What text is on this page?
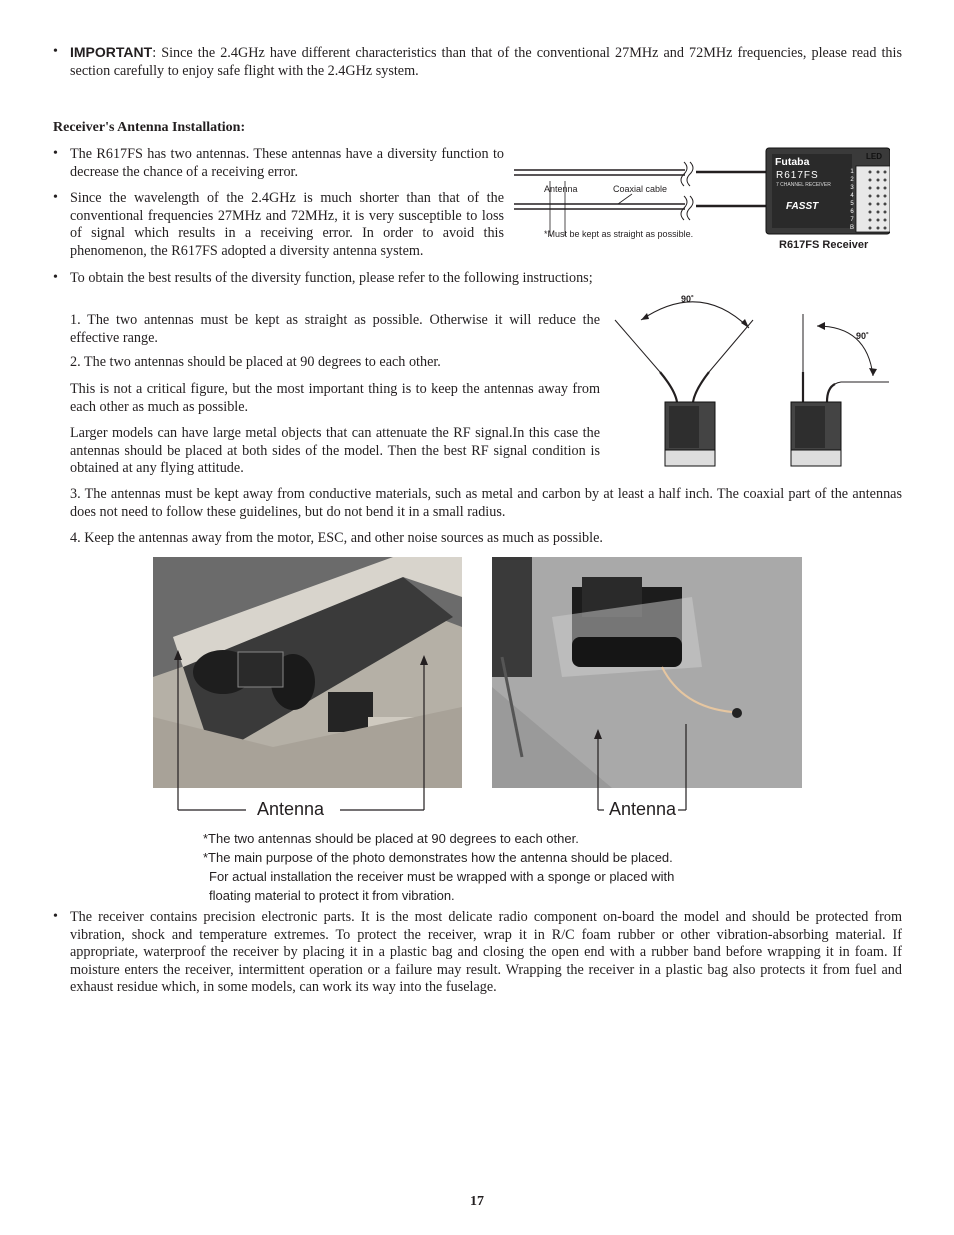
• IMPORTANT: Since the 2.4GHz have different characteristics than that of the conventional 27MHz and 72MHz frequencies, please read this section carefully to enjoy safe flight with the 2.4GHz system.
Receiver's Antenna Installation:
• The R617FS has two antennas. These antennas have a diversity function to decrease the chance of a receiving error.
• Since the wavelength of the 2.4GHz is much shorter than that of the conventional frequencies 27MHz and 72MHz, it is very susceptible to loss of signal which results in a receiving error. In order to avoid this phenomenon, the R617FS adopted a diversity antenna system.
Antenna	Coaxial cable
*Must be kept as straight as possible.
Futaba
R617FS
7 CHANNEL RECEIVER
FASST
LED
1
2
3
4
5
6
7
B
R617FS Receiver
• To obtain the best results of the diversity function, please refer to the following instructions;
1. The two antennas must be kept as straight as possible. Otherwise it will reduce the effective range.
2. The two antennas should be placed at 90 degrees to each other.
This is not a critical figure, but the most important thing is to keep the antennas away from each other as much as possible.
Larger models can have large metal objects that can attenuate the RF signal.In this case the antennas should be placed at both sides of the model. Then the best RF signal condition is obtained at any flying attitude.
90˚
90˚
3. The antennas must be kept away from conductive materials, such as metal and carbon by at least a half inch. The coaxial part of the antennas does not need to follow these guidelines, but do not bend it in a small radius.
4. Keep the antennas away from the motor, ESC, and other noise sources as much as possible.
Antenna	Antenna
*The two antennas should be placed at 90 degrees to each other.
*The main purpose of the photo demonstrates how the antenna should be placed.
For actual installation the receiver must be wrapped with a sponge or placed with
floating material to protect it from vibration.
• The receiver contains precision electronic parts. It is the most delicate radio component on-board the model and should be protected from vibration, shock and temperature extremes. To protect the receiver, wrap it in R/C foam rubber or other vibration-absorbing material. If appropriate, waterproof the receiver by placing it in a plastic bag and closing the open end with a rubber band before wrapping it in foam. If moisture enters the receiver, intermittent operation or a failure may result. Wrapping the receiver in a plastic bag also protects it from fuel and exhaust residue which, in some models, can work its way into the fuselage.
17
